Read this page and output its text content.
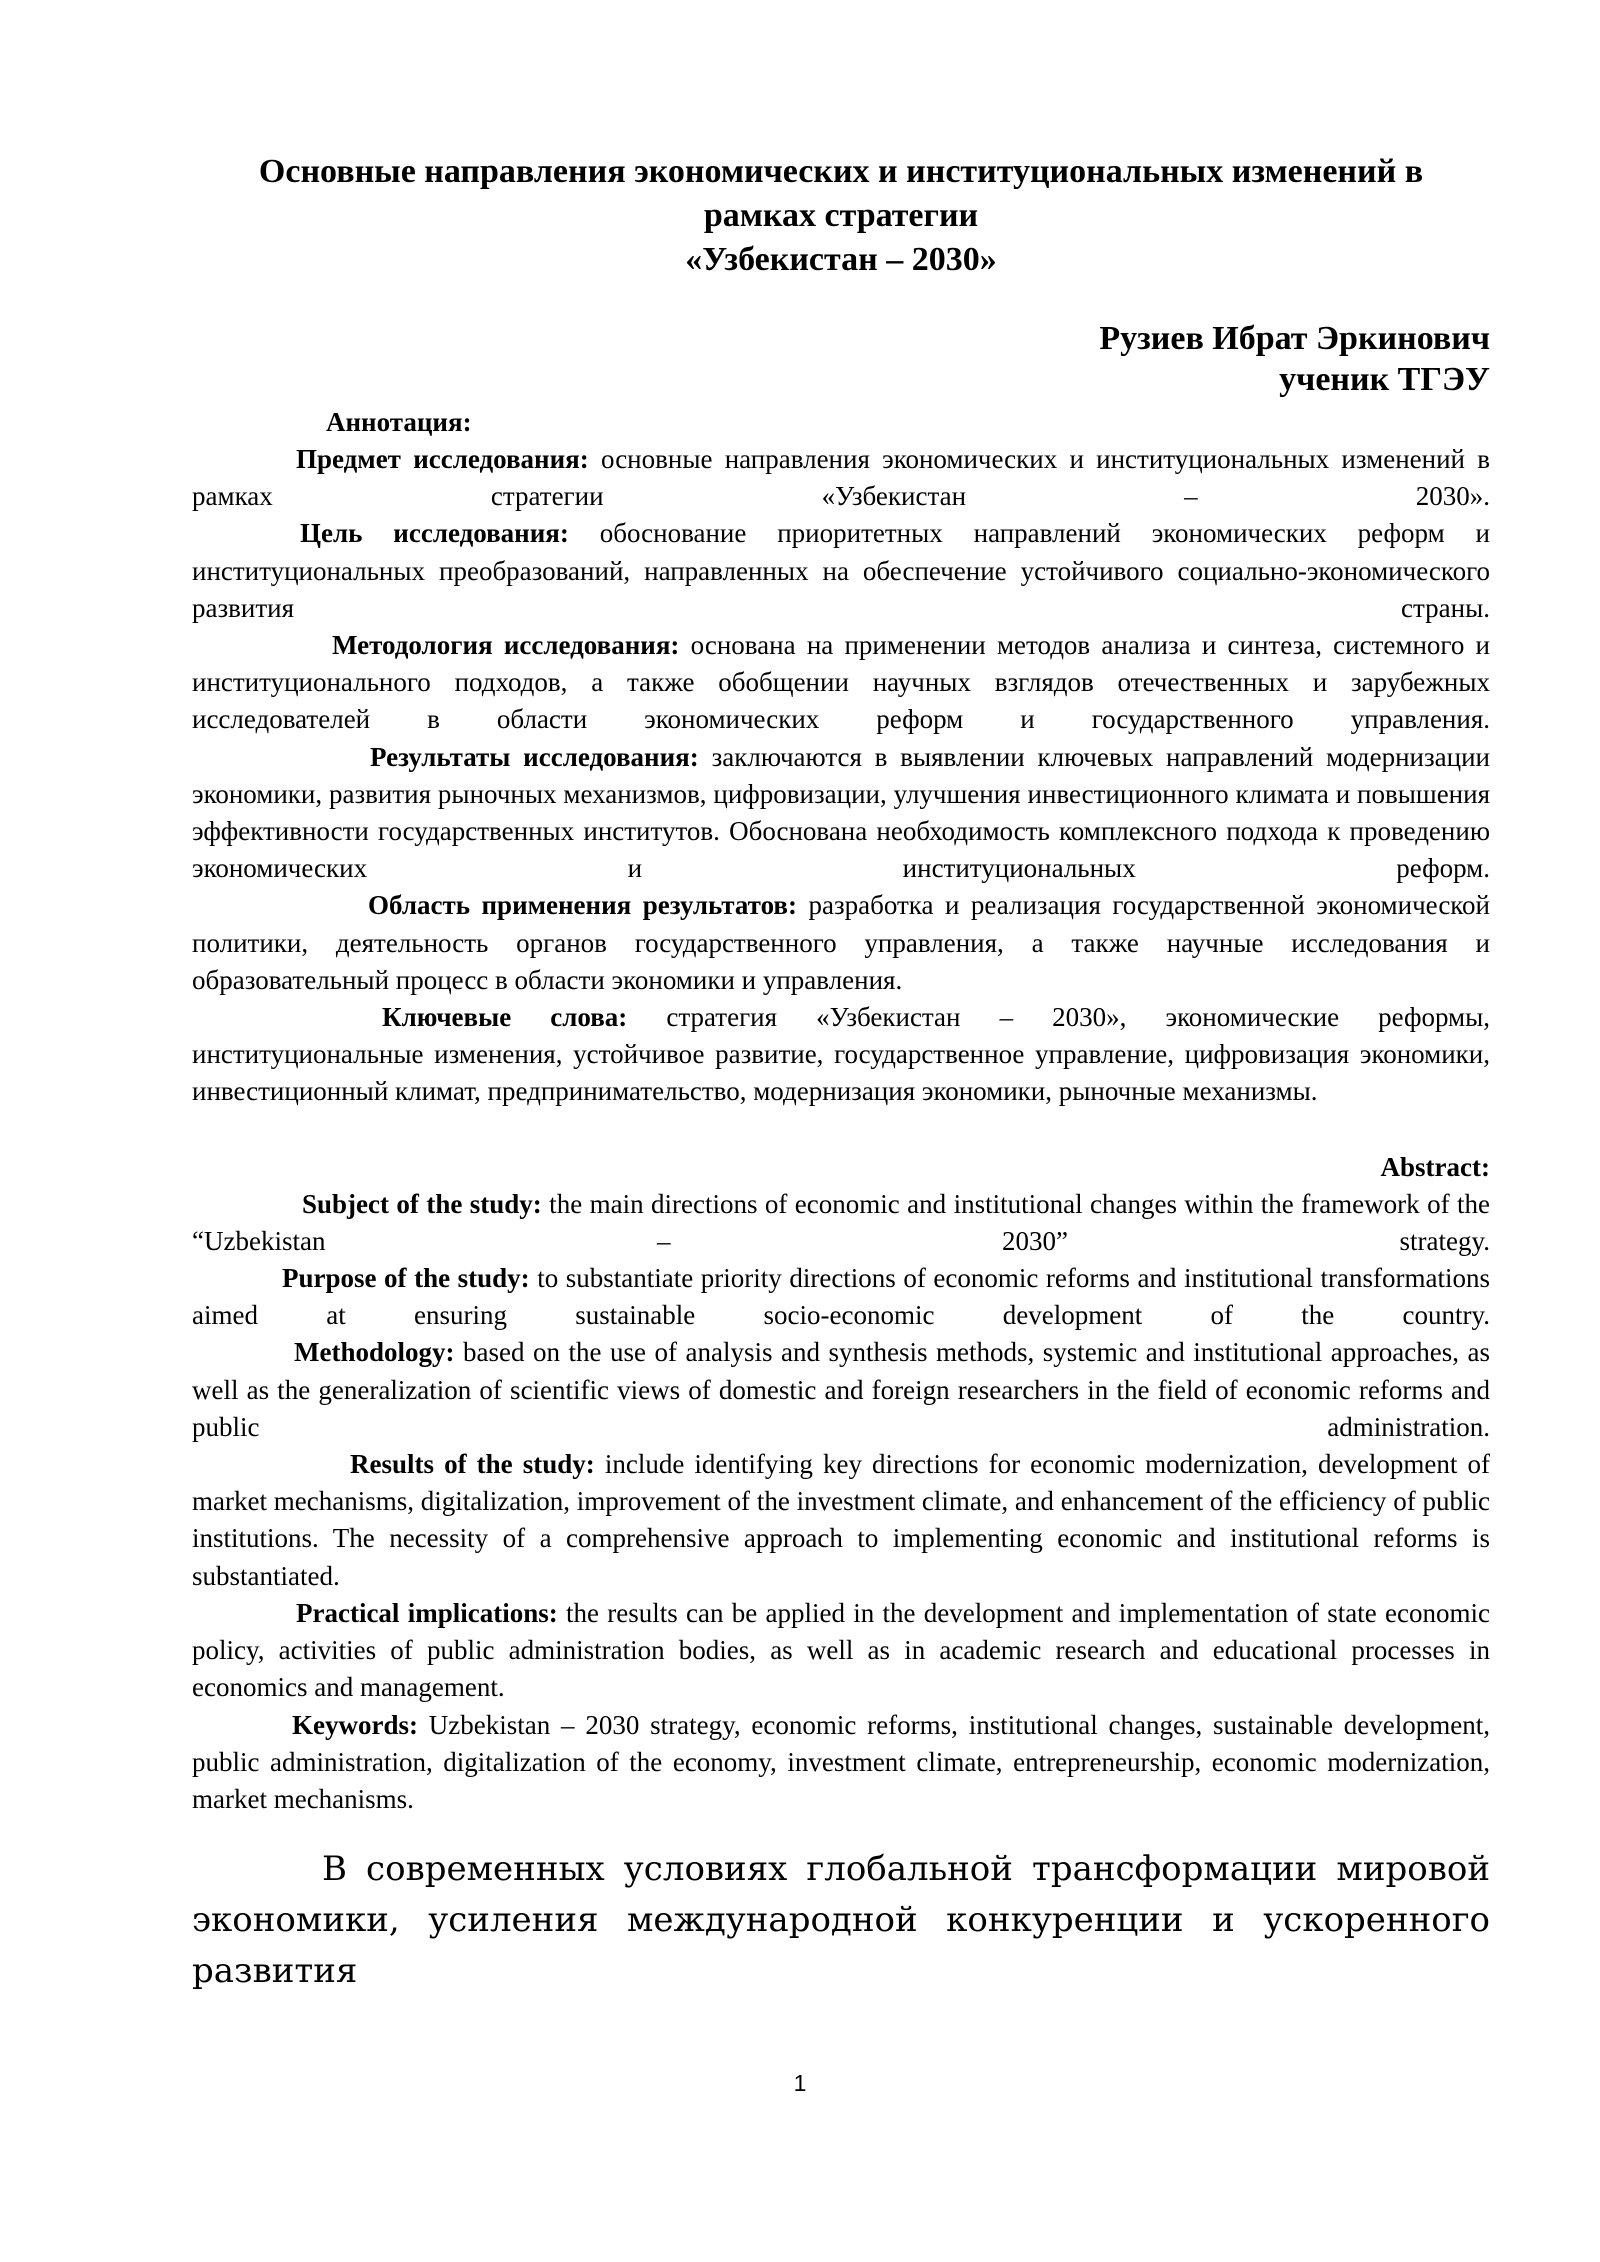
Основные направления экономических и институциональных изменений в
рамках стратегии
«Узбекистан – 2030»
Рузиев Ибрат Эркинович
ученик ТГЭУ
Аннотация:

Предмет исследования: основные направления экономических и институциональных изменений в рамках стратегии «Узбекистан – 2030».

Цель исследования: обоснование приоритетных направлений экономических реформ и институциональных преобразований, направленных на обеспечение устойчивого социально-экономического развития страны.

Методология исследования: основана на применении методов анализа и синтеза, системного и институционального подходов, а также обобщении научных взглядов отечественных и зарубежных исследователей в области экономических реформ и государственного управления.

Результаты исследования: заключаются в выявлении ключевых направлений модернизации экономики, развития рыночных механизмов, цифровизации, улучшения инвестиционного климата и повышения эффективности государственных институтов. Обоснована необходимость комплексного подхода к проведению экономических и институциональных реформ.

Область применения результатов: разработка и реализация государственной экономической политики, деятельность органов государственного управления, а также научные исследования и образовательный процесс в области экономики и управления.

Ключевые слова: стратегия «Узбекистан – 2030», экономические реформы, институциональные изменения, устойчивое развитие, государственное управление, цифровизация экономики, инвестиционный климат, предпринимательство, модернизация экономики, рыночные механизмы.

Abstract:

Subject of the study: the main directions of economic and institutional changes within the framework of the “Uzbekistan – 2030” strategy.

Purpose of the study: to substantiate priority directions of economic reforms and institutional transformations aimed at ensuring sustainable socio-economic development of the country.

Methodology: based on the use of analysis and synthesis methods, systemic and institutional approaches, as well as the generalization of scientific views of domestic and foreign researchers in the field of economic reforms and public administration.

Results of the study: include identifying key directions for economic modernization, development of market mechanisms, digitalization, improvement of the investment climate, and enhancement of the efficiency of public institutions. The necessity of a comprehensive approach to implementing economic and institutional reforms is substantiated.

Practical implications: the results can be applied in the development and implementation of state economic policy, activities of public administration bodies, as well as in academic research and educational processes in economics and management.

Keywords: Uzbekistan – 2030 strategy, economic reforms, institutional changes, sustainable development, public administration, digitalization of the economy, investment climate, entrepreneurship, economic modernization, market mechanisms.

В современных условиях глобальной трансформации мировой экономики, усиления международной конкуренции и ускоренного развития

1
